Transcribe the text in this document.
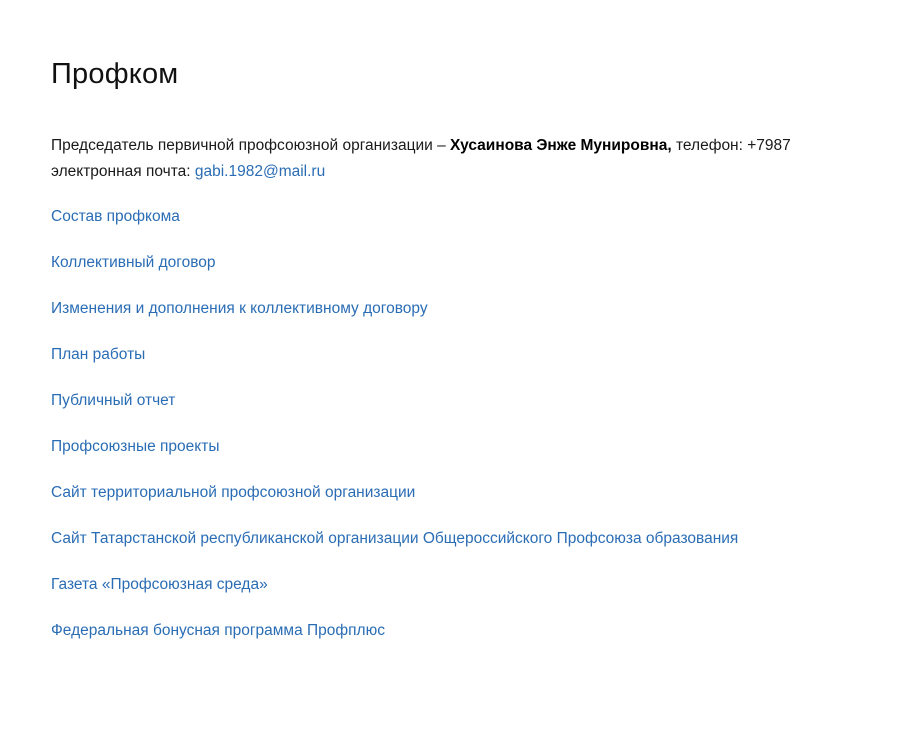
Профком
Председатель первичной профсоюзной организации – Хусаинова Энже Мунировна, телефон: +7987
электронная почта: gabi.1982@mail.ru
Состав профкома
Коллективный договор
Изменения и дополнения к коллективному договору
План работы
Публичный отчет
Профсоюзные проекты
Сайт территориальной профсоюзной организации
Сайт Татарстанской республиканской организации Общероссийского Профсоюза образования
Газета «Профсоюзная среда»
Федеральная бонусная программа Профплюс
